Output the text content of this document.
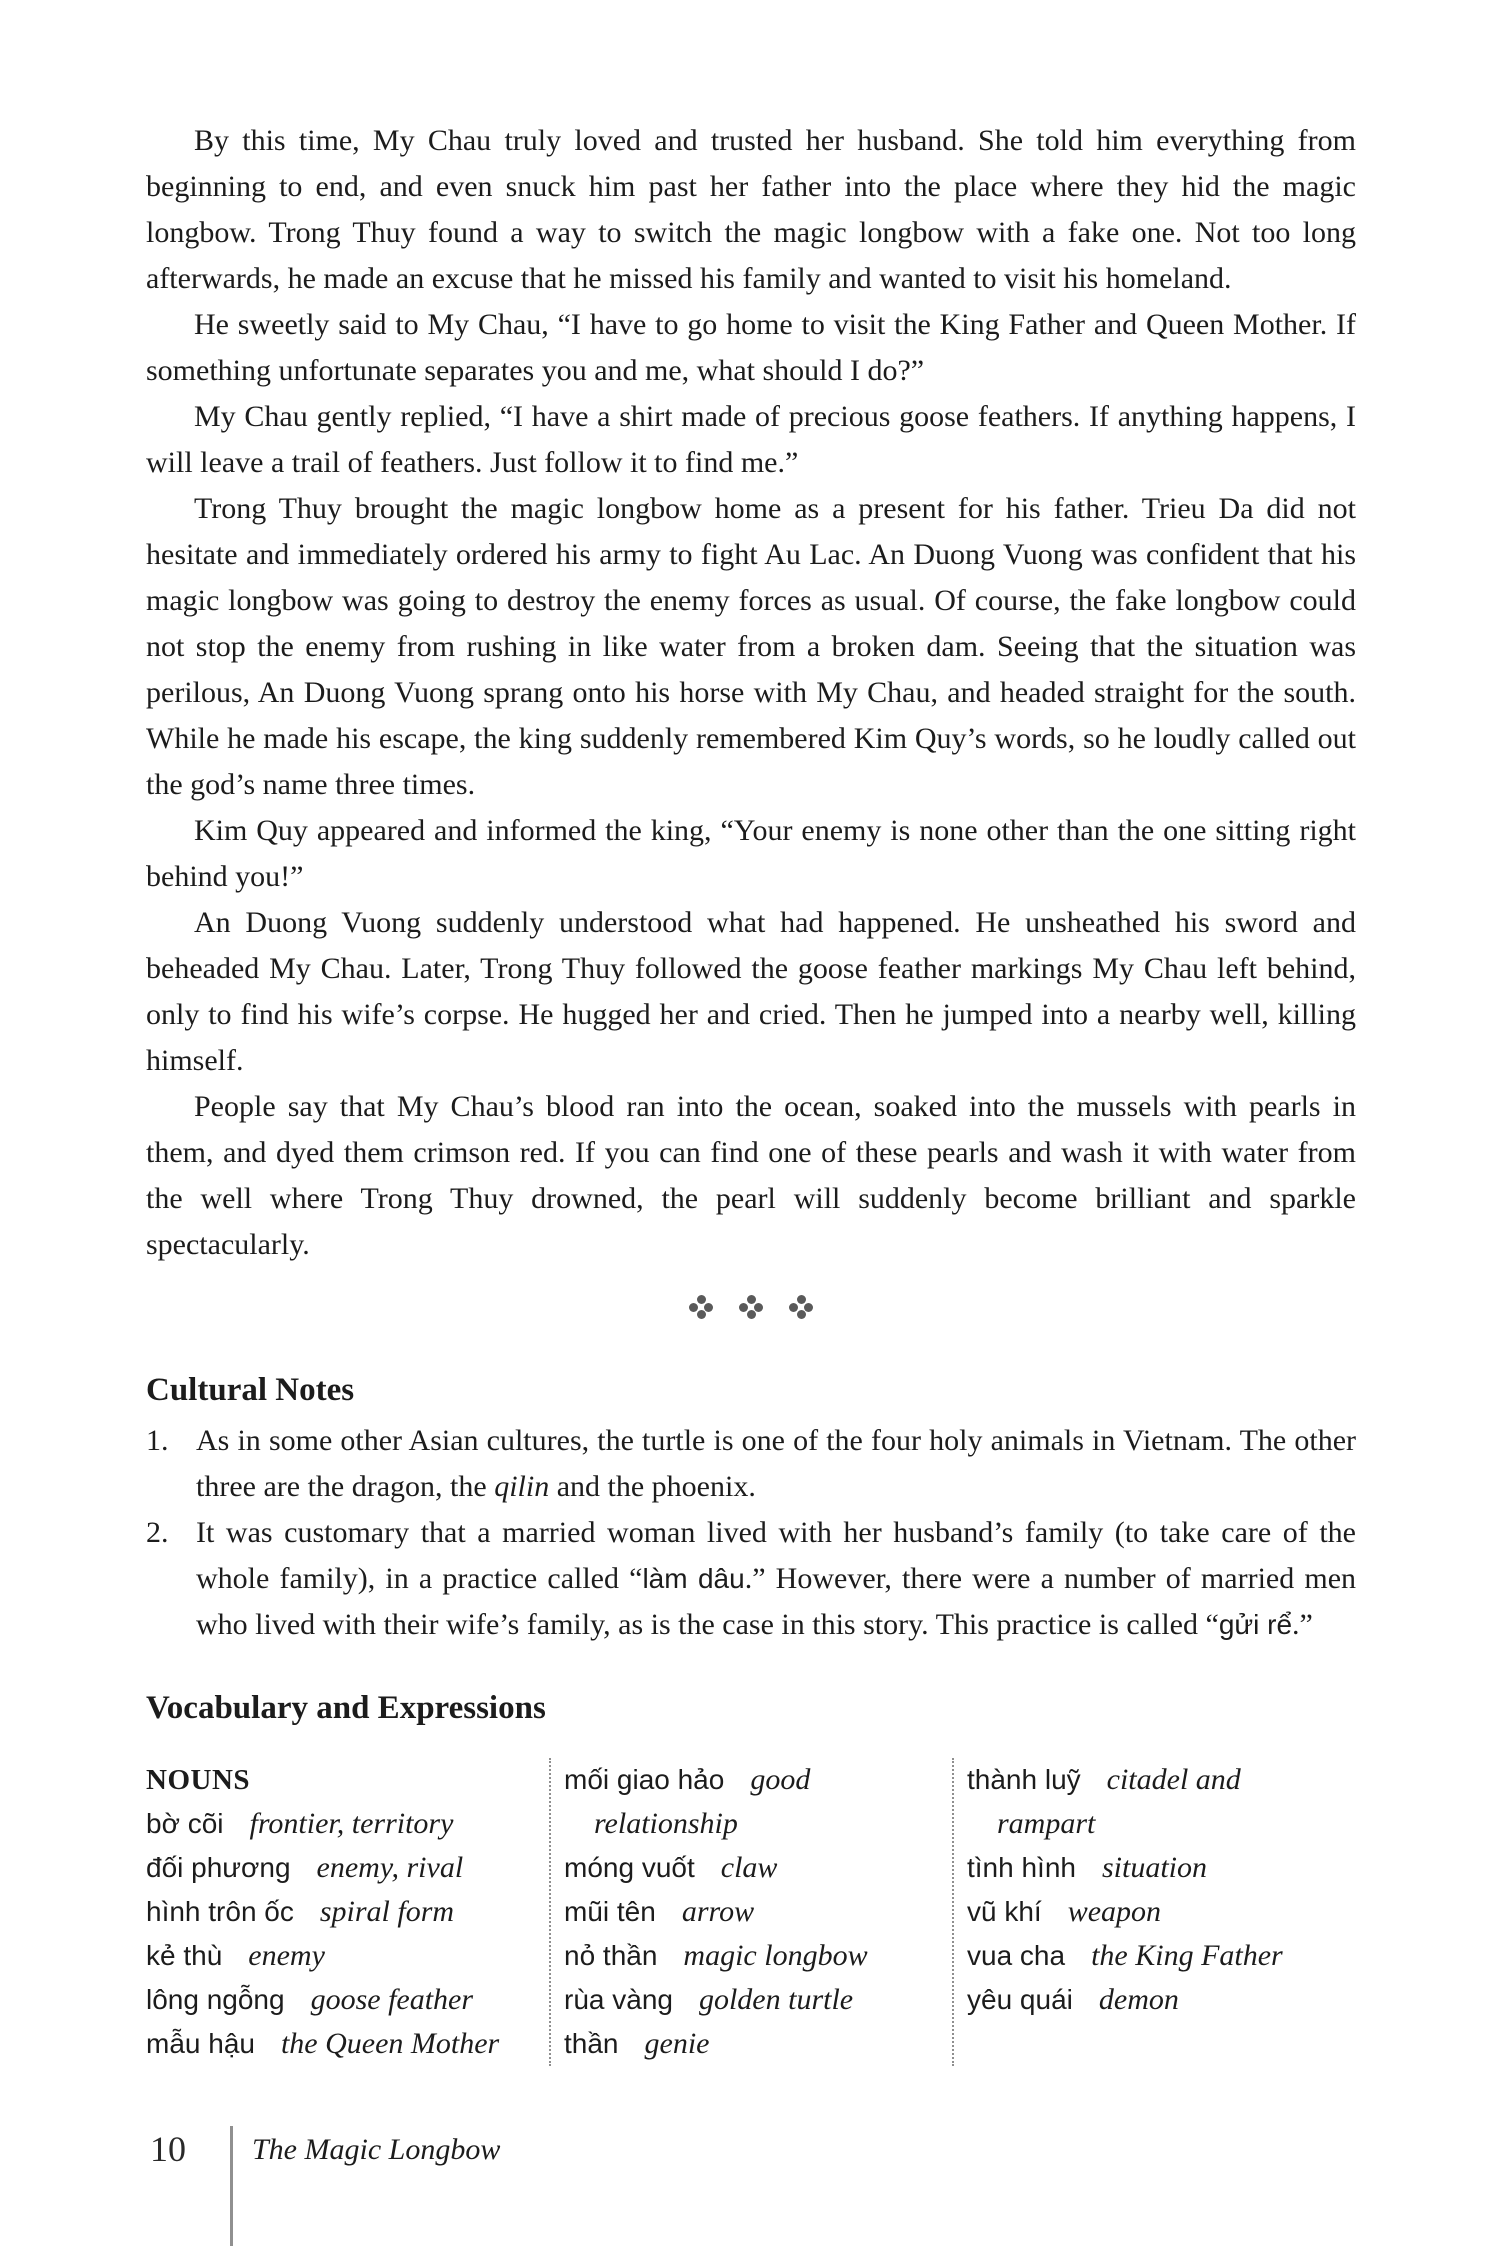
By this time, My Chau truly loved and trusted her husband. She told him everything from beginning to end, and even snuck him past her father into the place where they hid the magic longbow. Trong Thuy found a way to switch the magic longbow with a fake one. Not too long afterwards, he made an excuse that he missed his family and wanted to visit his homeland.

He sweetly said to My Chau, “I have to go home to visit the King Father and Queen Mother. If something unfortunate separates you and me, what should I do?”

My Chau gently replied, “I have a shirt made of precious goose feathers. If anything happens, I will leave a trail of feathers. Just follow it to find me.”

Trong Thuy brought the magic longbow home as a present for his father. Trieu Da did not hesitate and immediately ordered his army to fight Au Lac. An Duong Vuong was confident that his magic longbow was going to destroy the enemy forces as usual. Of course, the fake longbow could not stop the enemy from rushing in like water from a broken dam. Seeing that the situation was perilous, An Duong Vuong sprang onto his horse with My Chau, and headed straight for the south. While he made his escape, the king suddenly remembered Kim Quy’s words, so he loudly called out the god’s name three times.

Kim Quy appeared and informed the king, “Your enemy is none other than the one sitting right behind you!”

An Duong Vuong suddenly understood what had happened. He unsheathed his sword and beheaded My Chau. Later, Trong Thuy followed the goose feather markings My Chau left behind, only to find his wife’s corpse. He hugged her and cried. Then he jumped into a nearby well, killing himself.

People say that My Chau’s blood ran into the ocean, soaked into the mussels with pearls in them, and dyed them crimson red. If you can find one of these pearls and wash it with water from the well where Trong Thuy drowned, the pearl will suddenly become brilliant and sparkle spectacularly.

Cultural Notes
1. As in some other Asian cultures, the turtle is one of the four holy animals in Vietnam. The other three are the dragon, the qilin and the phoenix.
2. It was customary that a married woman lived with her husband’s family (to take care of the whole family), in a practice called “làm dâu.” However, there were a number of married men who lived with their wife’s family, as is the case in this story. This practice is called “gửi rể.”
Vocabulary and Expressions
NOUNS
bờ cõi frontier, territory
đối phương enemy, rival
hình trôn ốc spiral form
kẻ thù enemy
lông ngỗng goose feather
mẫu hậu the Queen Mother
mối giao hảo good relationship
móng vuốt claw
mũi tên arrow
nỏ thần magic longbow
rùa vàng golden turtle
thần genie
thành luỹ citadel and rampart
tình hình situation
vũ khí weapon
vua cha the King Father
yêu quái demon
10 The Magic Longbow
